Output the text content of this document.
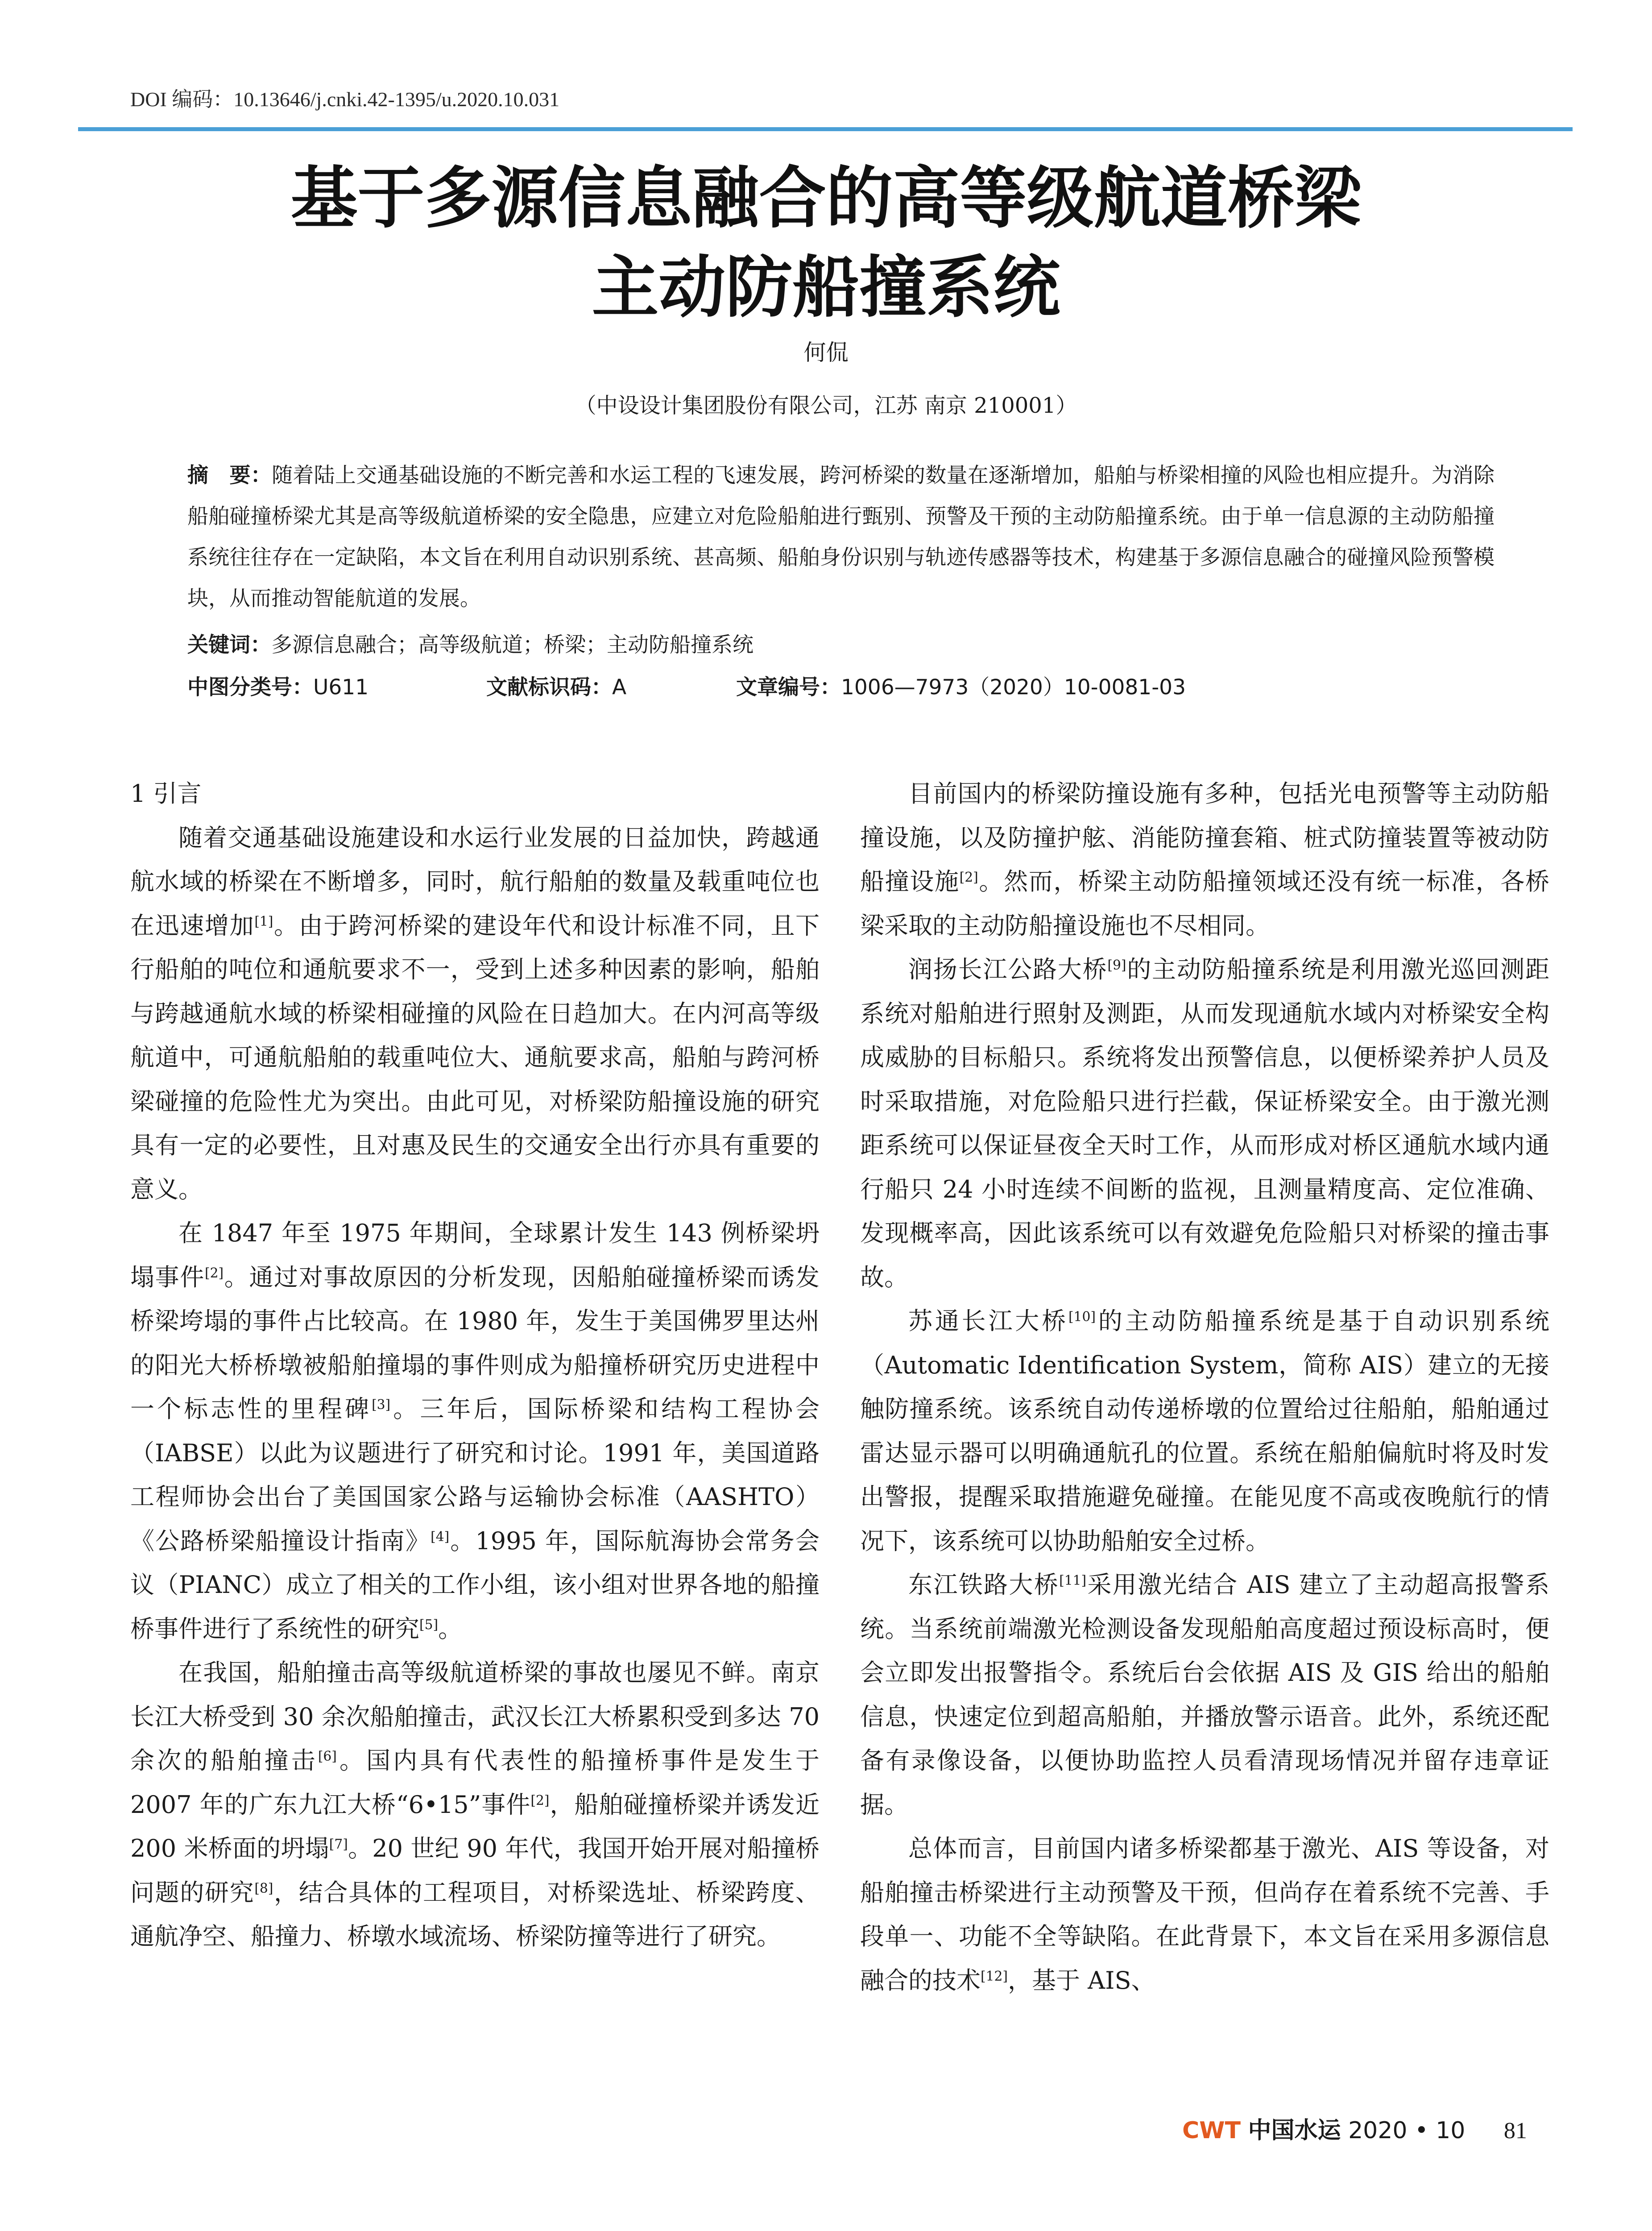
DOI 编码：10.13646/j.cnki.42-1395/u.2020.10.031
基于多源信息融合的高等级航道桥梁
主动防船撞系统
何侃
（中设设计集团股份有限公司，江苏 南京 210001）
摘　要：随着陆上交通基础设施的不断完善和水运工程的飞速发展，跨河桥梁的数量在逐渐增加，船舶与桥梁相撞的风险也相应提升。为消除船舶碰撞桥梁尤其是高等级航道桥梁的安全隐患，应建立对危险船舶进行甄别、预警及干预的主动防船撞系统。由于单一信息源的主动防船撞系统往往存在一定缺陷，本文旨在利用自动识别系统、甚高频、船舶身份识别与轨迹传感器等技术，构建基于多源信息融合的碰撞风险预警模块，从而推动智能航道的发展。
关键词：多源信息融合；高等级航道；桥梁；主动防船撞系统
中图分类号：U611	文献标识码：A	文章编号：1006—7973（2020）10-0081-03
1 引言

随着交通基础设施建设和水运行业发展的日益加快，跨越通航水域的桥梁在不断增多，同时，航行船舶的数量及载重吨位也在迅速增加[1]。由于跨河桥梁的建设年代和设计标准不同，且下行船舶的吨位和通航要求不一，受到上述多种因素的影响，船舶与跨越通航水域的桥梁相碰撞的风险在日趋加大。在内河高等级航道中，可通航船舶的载重吨位大、通航要求高，船舶与跨河桥梁碰撞的危险性尤为突出。由此可见，对桥梁防船撞设施的研究具有一定的必要性，且对惠及民生的交通安全出行亦具有重要的意义。

在 1847 年至 1975 年期间，全球累计发生 143 例桥梁坍塌事件[2]。通过对事故原因的分析发现，因船舶碰撞桥梁而诱发桥梁垮塌的事件占比较高。在 1980 年，发生于美国佛罗里达州的阳光大桥桥墩被船舶撞塌的事件则成为船撞桥研究历史进程中一个标志性的里程碑[3]。三年后，国际桥梁和结构工程协会（IABSE）以此为议题进行了研究和讨论。1991 年，美国道路工程师协会出台了美国国家公路与运输协会标准（AASHTO）《公路桥梁船撞设计指南》[4]。1995 年，国际航海协会常务会议（PIANC）成立了相关的工作小组，该小组对世界各地的船撞桥事件进行了系统性的研究[5]。

在我国，船舶撞击高等级航道桥梁的事故也屡见不鲜。南京长江大桥受到 30 余次船舶撞击，武汉长江大桥累积受到多达 70 余次的船舶撞击[6]。国内具有代表性的船撞桥事件是发生于 2007 年的广东九江大桥“6•15”事件[2]，船舶碰撞桥梁并诱发近 200 米桥面的坍塌[7]。20 世纪 90 年代，我国开始开展对船撞桥问题的研究[8]，结合具体的工程项目，对桥梁选址、桥梁跨度、通航净空、船撞力、桥墩水域流场、桥梁防撞等进行了研究。

目前国内的桥梁防撞设施有多种，包括光电预警等主动防船撞设施，以及防撞护舷、消能防撞套箱、桩式防撞装置等被动防船撞设施[2]。然而，桥梁主动防船撞领域还没有统一标准，各桥梁采取的主动防船撞设施也不尽相同。

润扬长江公路大桥[9]的主动防船撞系统是利用激光巡回测距系统对船舶进行照射及测距，从而发现通航水域内对桥梁安全构成威胁的目标船只。系统将发出预警信息，以便桥梁养护人员及时采取措施，对危险船只进行拦截，保证桥梁安全。由于激光测距系统可以保证昼夜全天时工作，从而形成对桥区通航水域内通行船只 24 小时连续不间断的监视，且测量精度高、定位准确、发现概率高，因此该系统可以有效避免危险船只对桥梁的撞击事故。

苏通长江大桥[10]的主动防船撞系统是基于自动识别系统（Automatic Identification System，简称 AIS）建立的无接触防撞系统。该系统自动传递桥墩的位置给过往船舶，船舶通过雷达显示器可以明确通航孔的位置。系统在船舶偏航时将及时发出警报，提醒采取措施避免碰撞。在能见度不高或夜晚航行的情况下，该系统可以协助船舶安全过桥。

东江铁路大桥[11]采用激光结合 AIS 建立了主动超高报警系统。当系统前端激光检测设备发现船舶高度超过预设标高时，便会立即发出报警指令。系统后台会依据 AIS 及 GIS 给出的船舶信息，快速定位到超高船舶，并播放警示语音。此外，系统还配备有录像设备，以便协助监控人员看清现场情况并留存违章证据。

总体而言，目前国内诸多桥梁都基于激光、AIS 等设备，对船舶撞击桥梁进行主动预警及干预，但尚存在着系统不完善、手段单一、功能不全等缺陷。在此背景下，本文旨在采用多源信息融合的技术[12]，基于 AIS、

CWT 中国水运 2020 • 10 81
